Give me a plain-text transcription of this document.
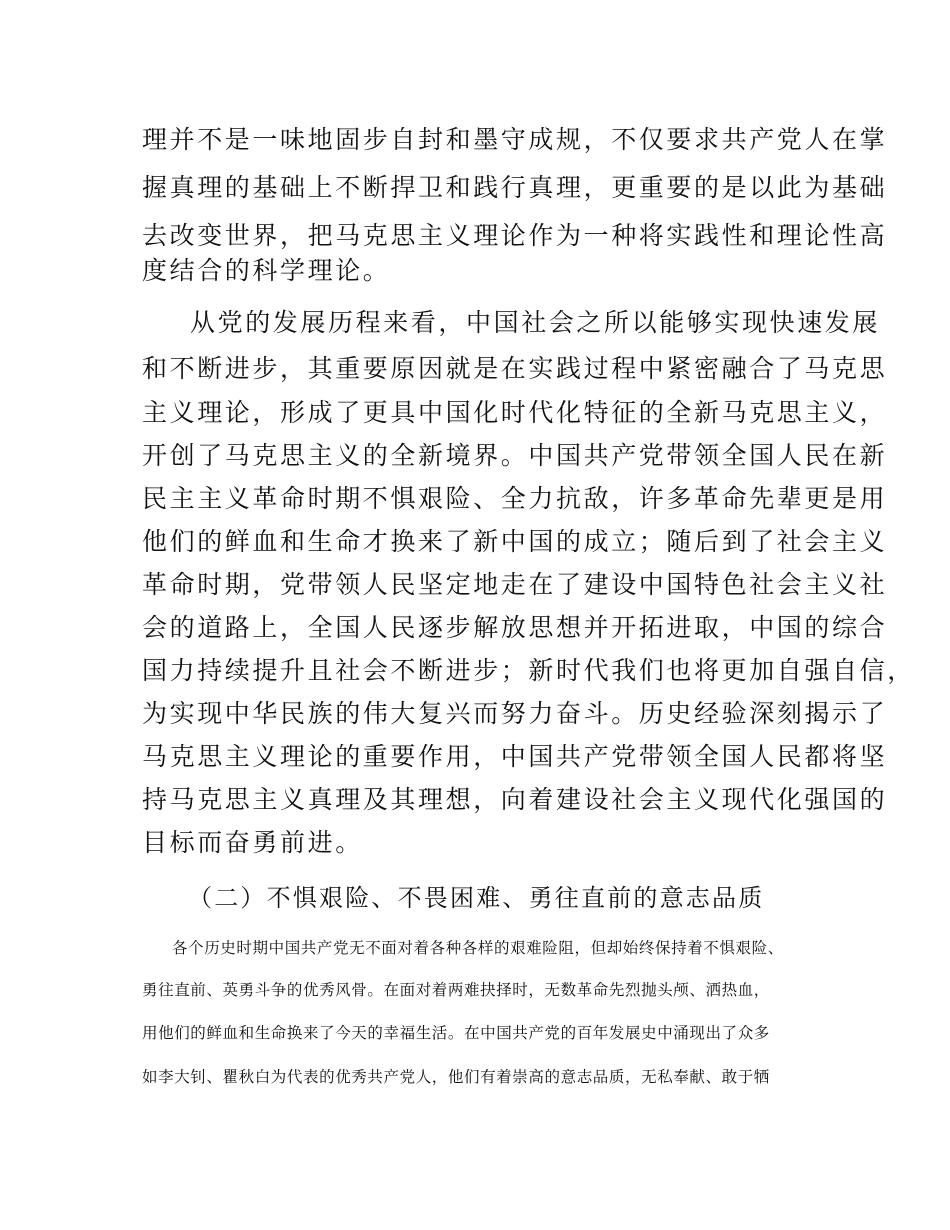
理并不是一味地固步自封和墨守成规，不仅要求共产党人在掌
握真理的基础上不断捍卫和践行真理，更重要的是以此为基础
去改变世界，把马克思主义理论作为一种将实践性和理论性高
度结合的科学理论。
从党的发展历程来看，中国社会之所以能够实现快速发展
和不断进步，其重要原因就是在实践过程中紧密融合了马克思
主义理论，形成了更具中国化时代化特征的全新马克思主义，
开创了马克思主义的全新境界。中国共产党带领全国人民在新
民主主义革命时期不惧艰险、全力抗敌，许多革命先辈更是用
他们的鲜血和生命才换来了新中国的成立；随后到了社会主义
革命时期，党带领人民坚定地走在了建设中国特色社会主义社
会的道路上，全国人民逐步解放思想并开拓进取，中国的综合
国力持续提升且社会不断进步；新时代我们也将更加自强自信，
为实现中华民族的伟大复兴而努力奋斗。历史经验深刻揭示了
马克思主义理论的重要作用，中国共产党带领全国人民都将坚
持马克思主义真理及其理想，向着建设社会主义现代化强国的
目标而奋勇前进。
（二）不惧艰险、不畏困难、勇往直前的意志品质
各个历史时期中国共产党无不面对着各种各样的艰难险阻，但却始终保持着不惧艰险、
勇往直前、英勇斗争的优秀风骨。在面对着两难抉择时，无数革命先烈抛头颅、洒热血，
用他们的鲜血和生命换来了今天的幸福生活。在中国共产党的百年发展史中涌现出了众多
如李大钊、瞿秋白为代表的优秀共产党人，他们有着崇高的意志品质，无私奉献、敢于牺
